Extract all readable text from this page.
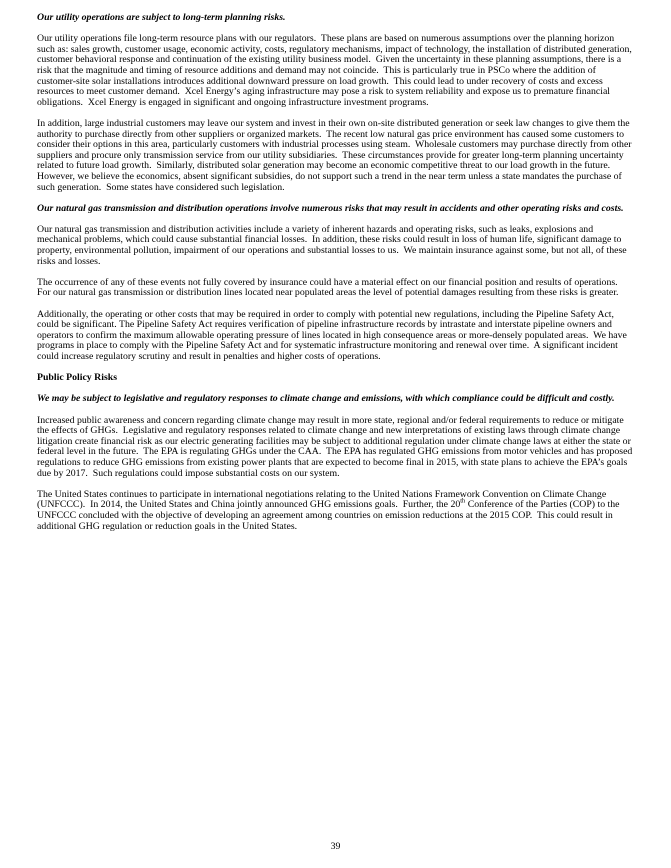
Our utility operations are subject to long-term planning risks.

Our utility operations file long-term resource plans with our regulators.  These plans are based on numerous assumptions over the planning horizon such as: sales growth, customer usage, economic activity, costs, regulatory mechanisms, impact of technology, the installation of distributed generation, customer behavioral response and continuation of the existing utility business model.  Given the uncertainty in these planning assumptions, there is a risk that the magnitude and timing of resource additions and demand may not coincide.  This is particularly true in PSCo where the addition of customer-site solar installations introduces additional downward pressure on load growth.  This could lead to under recovery of costs and excess resources to meet customer demand.  Xcel Energy’s aging infrastructure may pose a risk to system reliability and expose us to premature financial obligations.  Xcel Energy is engaged in significant and ongoing infrastructure investment programs.

In addition, large industrial customers may leave our system and invest in their own on-site distributed generation or seek law changes to give them the authority to purchase directly from other suppliers or organized markets.  The recent low natural gas price environment has caused some customers to consider their options in this area, particularly customers with industrial processes using steam.  Wholesale customers may purchase directly from other suppliers and procure only transmission service from our utility subsidiaries.  These circumstances provide for greater long-term planning uncertainty related to future load growth.  Similarly, distributed solar generation may become an economic competitive threat to our load growth in the future.  However, we believe the economics, absent significant subsidies, do not support such a trend in the near term unless a state mandates the purchase of such generation.  Some states have considered such legislation.

Our natural gas transmission and distribution operations involve numerous risks that may result in accidents and other operating risks and costs.

Our natural gas transmission and distribution activities include a variety of inherent hazards and operating risks, such as leaks, explosions and mechanical problems, which could cause substantial financial losses.  In addition, these risks could result in loss of human life, significant damage to property, environmental pollution, impairment of our operations and substantial losses to us.  We maintain insurance against some, but not all, of these risks and losses.

The occurrence of any of these events not fully covered by insurance could have a material effect on our financial position and results of operations.  For our natural gas transmission or distribution lines located near populated areas the level of potential damages resulting from these risks is greater.

Additionally, the operating or other costs that may be required in order to comply with potential new regulations, including the Pipeline Safety Act, could be significant. The Pipeline Safety Act requires verification of pipeline infrastructure records by intrastate and interstate pipeline owners and operators to confirm the maximum allowable operating pressure of lines located in high consequence areas or more-densely populated areas.  We have programs in place to comply with the Pipeline Safety Act and for systematic infrastructure monitoring and renewal over time.  A significant incident could increase regulatory scrutiny and result in penalties and higher costs of operations.

Public Policy Risks

We may be subject to legislative and regulatory responses to climate change and emissions, with which compliance could be difficult and costly.

Increased public awareness and concern regarding climate change may result in more state, regional and/or federal requirements to reduce or mitigate the effects of GHGs.  Legislative and regulatory responses related to climate change and new interpretations of existing laws through climate change litigation create financial risk as our electric generating facilities may be subject to additional regulation under climate change laws at either the state or federal level in the future.  The EPA is regulating GHGs under the CAA.  The EPA has regulated GHG emissions from motor vehicles and has proposed regulations to reduce GHG emissions from existing power plants that are expected to become final in 2015, with state plans to achieve the EPA’s goals due by 2017.  Such regulations could impose substantial costs on our system.

The United States continues to participate in international negotiations relating to the United Nations Framework Convention on Climate Change (UNFCCC).  In 2014, the United States and China jointly announced GHG emissions goals.  Further, the 20th Conference of the Parties (COP) to the UNFCCC concluded with the objective of developing an agreement among countries on emission reductions at the 2015 COP.  This could result in additional GHG regulation or reduction goals in the United States.

39
